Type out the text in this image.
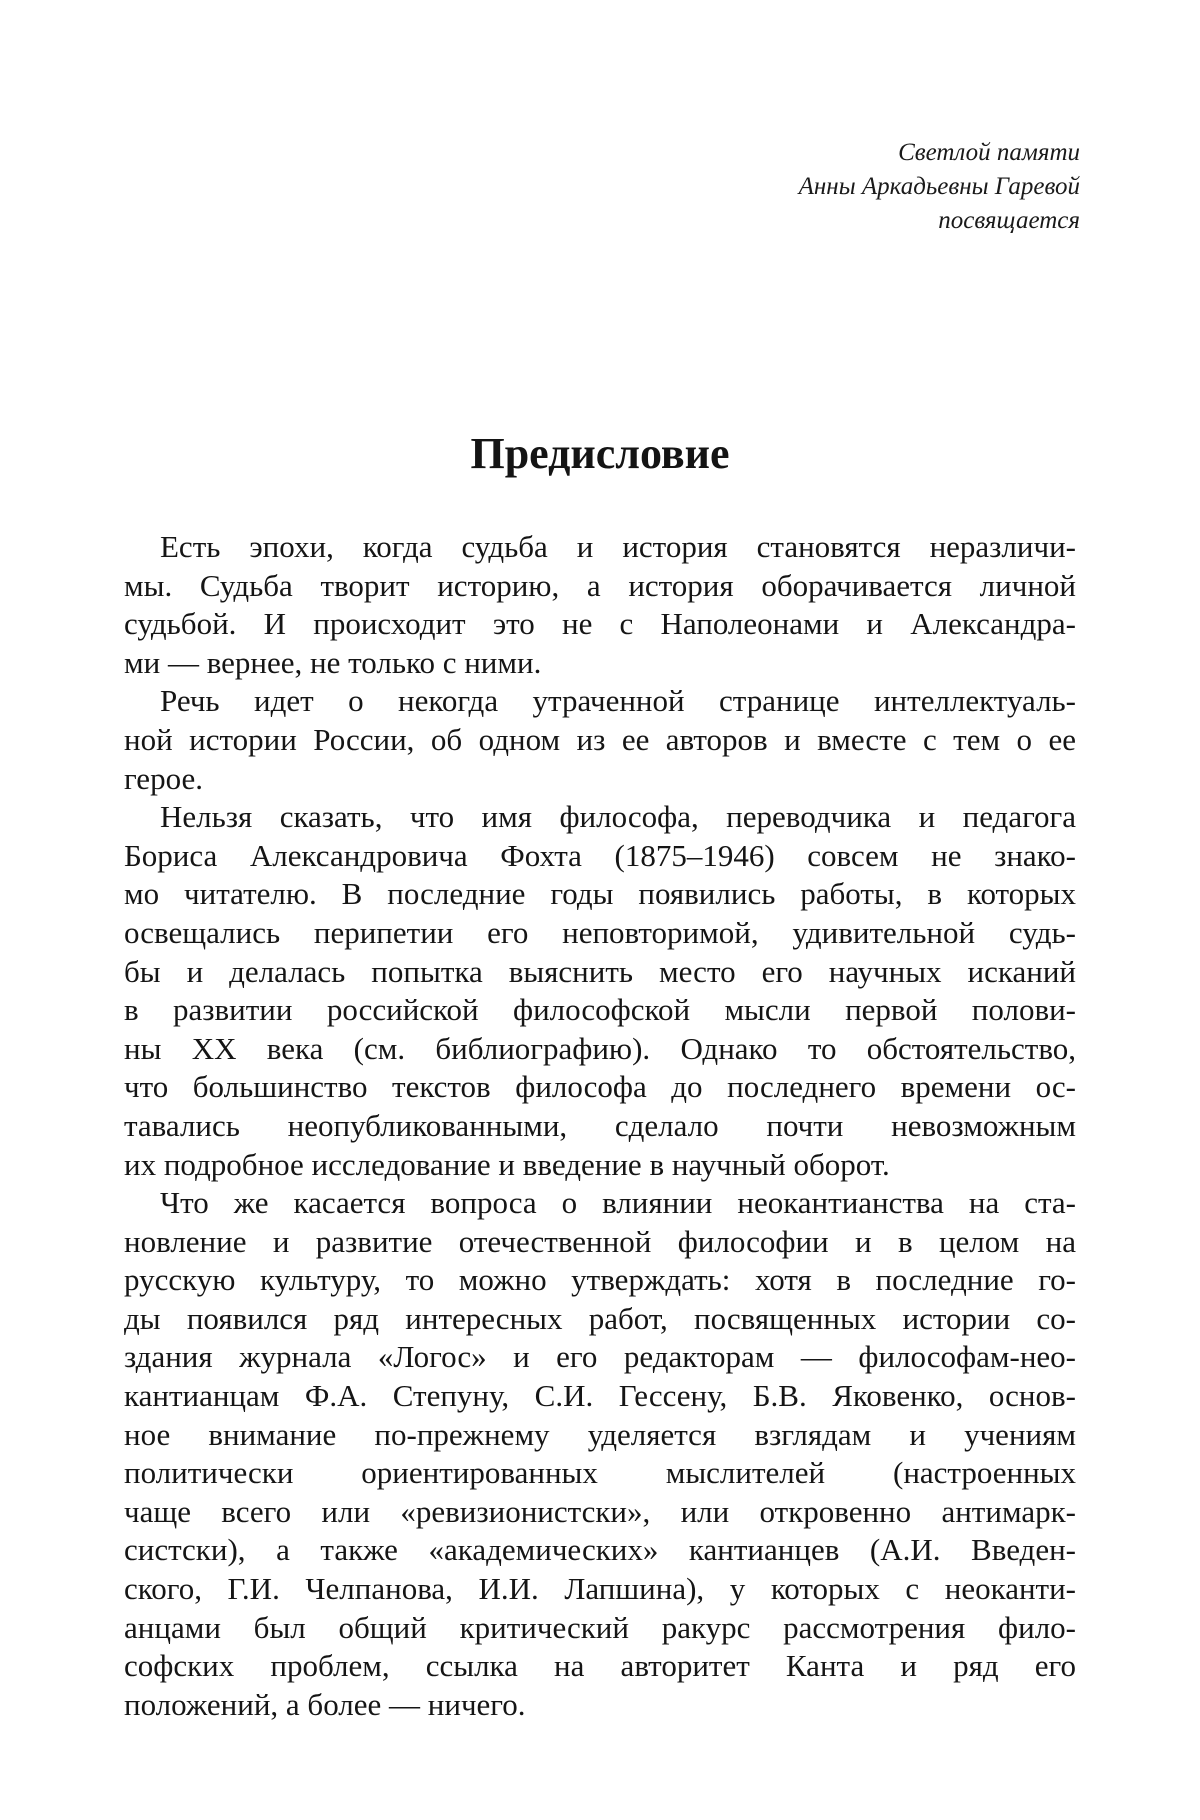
Светлой памяти
Анны Аркадьевны Гаревой
посвящается
Предисловие
Есть эпохи, когда судьба и история становятся неразличи-
мы. Судьба творит историю, а история оборачивается личной
судьбой. И происходит это не с Наполеонами и Александра-
ми — вернее, не только с ними.
Речь идет о некогда утраченной странице интеллектуаль-
ной истории России, об одном из ее авторов и вместе с тем о ее
герое.
Нельзя сказать, что имя философа, переводчика и педагога
Бориса Александровича Фохта (1875–1946) совсем не знако-
мо читателю. В последние годы появились работы, в которых
освещались перипетии его неповторимой, удивительной судь-
бы и делалась попытка выяснить место его научных исканий
в развитии российской философской мысли первой полови-
ны XX века (см. библиографию). Однако то обстоятельство,
что большинство текстов философа до последнего времени ос-
тавались неопубликованными, сделало почти невозможным
их подробное исследование и введение в научный оборот.
Что же касается вопроса о влиянии неокантианства на ста-
новление и развитие отечественной философии и в целом на
русскую культуру, то можно утверждать: хотя в последние го-
ды появился ряд интересных работ, посвященных истории со-
здания журнала «Логос» и его редакторам — философам-нео-
кантианцам Ф.А. Степуну, С.И. Гессену, Б.В. Яковенко, основ-
ное внимание по-прежнему уделяется взглядам и учениям
политически ориентированных мыслителей (настроенных
чаще всего или «ревизионистски», или откровенно антимарк-
систски), а также «академических» кантианцев (А.И. Введен-
ского, Г.И. Челпанова, И.И. Лапшина), у которых с неоканти-
анцами был общий критический ракурс рассмотрения фило-
софских проблем, ссылка на авторитет Канта и ряд его
положений, а более — ничего.
